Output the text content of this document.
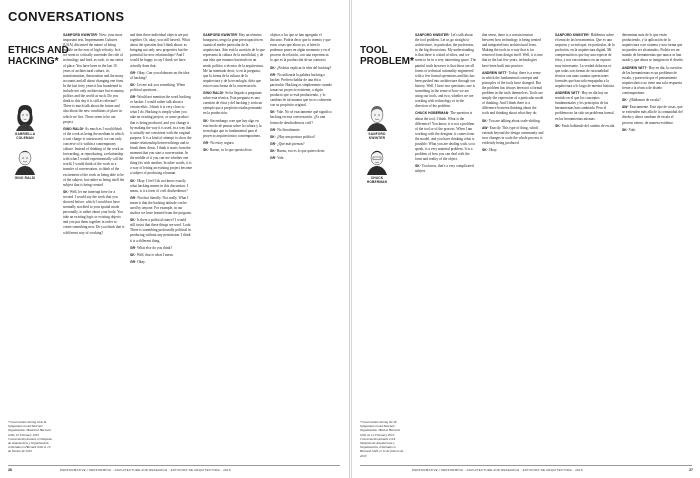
CONVERSATIONS
ETHICS AND
HACKING*
GABRIELLA COLEMAN
GINO RALDI

SAMFORD KWINTER- Now: your most important text, Impermanent Cultures (UAA) discussed the nature of being mobile on the eras of high velocity. In it we seem to critically surrender the role of technology and lead, as such, to our sense of place. You have been in the last 10 years of architectural culture, its transformation, theorization and the many accounts and all about changing one form. In the last forty years it has broadened to include not only architecture but economy, politics and the world as such. Do you think to this day it is still as relevant? There is much talk about the future and also about the new conditions of place in which we live. Those seem to be our project.

GINO RALDI- As much as I would think of the work as being the medium in which a vast charge is constructed, we can only conceive of it within a contemporary culture. Instead of thinking of the work as forwarding, or reproducing, a relationship with what I would experimentally call the world, I would think of the work as a transfer of conversation, to think of the excitement of the work as being able to be of the subject, but rather as being itself the subject that is being created.

SK- Well, let me interrupt here for a second. I would say the work that you showed before, which I would not have normally ascribed to your spatial mode personally, is rather about your body. You take an existing logic or existing objects and you put them together in order to create something new. Do you think that is a different way of working?

and then these individual objects are put together. Or, okay, you still haven't. What about the question that I think about: as bringing not only new properties but the potential for new relationships? And I would be happy to say I think we have actually done that.

GR- Okay. Can you elaborate on the idea of hacking?

SK- Let me ask you something. When political questions...

GR- Would not mention the word hacking or hacker. I would rather talk about a certain ethic. I think it is very close to what I do. Hacking is simply when you take an existing project, or some product that is being produced, and you change it by making the way it is used, in a way that is actually not consistent with the original purpose. It is a kind of attempt to show the innate relationship between things and to break them down. I think it starts from the moment that you start a conversation. In the middle of it you can see whether one thing fits with another. In other words, it is a way of letting an existing project become a subject of producing a human.

SK- Okay. I feel I do not know exactly what hacking means in this discussion. I mean, is it a form of civil disobedience?

GR- Not that literally. Not really. What I mean is that the hacking attitude can be used by anyone. For example, in our studios we have learned from the program.

SK- Is there a political stance? I would still insist that these things are used. Look: There is something profoundly political in producing without any permission. I think it is a different thing.

GR- What else do you think?

SK- Well, that is what I mean.

GR- Okay.

SAMFORD KWINTER- Hay un término bourguesa, tengo la gran preocupación en cuanto al medio particular de la arquitectura. Aún está la cuestión de lo que representa la cultura de la movilidad, y de una idea que estamos haciendo en un modo político o técnico de la arquitectura. Me ha intentado decir, si en la pregunta, que la forma de la cultura de la arquitectura y de la tecnología, diría que esta es una forma de la conversación.

GINO RALDI- Se ha llegado a preguntas sobre esta técnica. Esta pregunta es una cuestión de ética y del hacking y sería un ejemplo que a propósito estaba pensando en la producción.

SK- Sin embargo creo que hay algo en este modo de pensar sobre la cultura y la tecnología que es fundamental para el proyecto arquitectónico contemporáneo.

GR- No estoy seguro.

SK- Bueno, es lo que quería decir.

objetos a los que se han agregado el discurso. Podría decir que lo intento y que estas cosas que ahora yo, si bien lo podemos poner en algún momento y en el proceso de relación, con una experiencia lo que es la producción de un contexto.

SK- ¿Podrías explicar la idea del hacking?

GR- No utilizaría la palabra hacking o hacker. Prefiero hablar de una ética particular. Hacking es simplemente cuando tomas un proyecto existente, o algún producto que se está produciendo, y lo cambias de tal manera que no es coherente con su propósito original.

SK- Vale. No sé exactamente qué significa hacking en esta conversación. ¿Es una forma de desobediencia civil?

GR- No literalmente.

SK- ¿Hay una postura política?

GR- ¿Qué más piensas?

SK- Bueno, eso es lo que quiero decir.

GR- Vale.

*Conversation during Gino R. Symposium on Architecture Organization. Hosted at Harvard GSD, 10 February 2010
Conversación durante el Simposio de Arquitectura y Organización, celebrado en Harvard GSD el 10 de febrero de 2010
26	PERFORMATIVE / PERFORMING · ARCHITECTURE AND RESEARCH · ESTUDIOS DE ARQUITECTURA · 2010
TOOL
PROBLEM*
SANFORD KWINTER
CHUCK HOBERMAN

SANFORD KWINTER- Let's talk about the tool problem. Let us go straight to architecture, in particular, the profession, to the big discussions. My understanding is that there is a kind of ethos, and we seem to be in a very interesting space. The painful truth however is that those are all forms of technical rationality engineered with a few formal operations and this has been pushed into architecture through our history. Well, I have two questions: one is something in the sense of how we are using our tools, and two, whether we are working with technology or in the direction of the problem.

CHUCK HOBERMAN- The question is about the tool, I think. What is the difference? You know, it is not a problem of the tool or of the process. When I am working with the designer, it comes from the model, and you have thinking what is possible. What you are dealing with, so to speak, is a very material problem. It is a problem of how you can deal with the form and reality of the object.

SK- You know, that's a very complicated subject.

that sense, there is a certain tension between how technology is being treated and integrated into architectural form. Making the tools in a way that is far removed from design itself. Well, it is true that in the last few years, technologies have been built into practice.

ANDREW WITT- Today, there is a sense in which the fundamental concepts and principles of the tools have changed. But the problem has always been not a formal problem in the tools themselves. Tools are simply the expression of a particular mode of thinking. And I think there is a difference between thinking about the tools and thinking about what they do.

SK- You are talking about scale-shifting.

AW- Exactly. This type of thing, which extends beyond the design community and now changes in scale the whole process is evidently being produced.

SK- Okay.

SANFORD KWINTER- Hablemos sobre el tema de las herramientas. Que es una sorpresa y su enfoque, en particular, de la profesión, en la arquitectura digital. Mi comprensión es que hay una especie de ética, y nos encontramos en un espacio muy interesante. La verdad dolorosa es que todas son formas de racionalidad técnica con unas cuantas operaciones formales que han sido empujadas a la arquitectura a lo largo de nuestra historia.

ANDREW WITT- Hoy en día hay un sentido en el que los conceptos fundamentales y los principios de las herramientas han cambiado. Pero el problema no ha sido un problema formal en las herramientas mismas.

SK- Estás hablando del cambio de escala.

determinar más de lo que están produciendo, y la aplicación de la arquitectura a un sistema y una forma que no pueden ser alcanzados. Podría ser un mundo de herramientas que nunca se han usado y que ahora se integran en el diseño.

ANDREW WITT- Hoy en día, la cuestión de las herramientas es un problema de escala, y parecería que el pensamiento arquitectónico no tiene una sola respuesta frente a la técnica de diseño contemporánea.

SK- ¿Hablamos de escala?

AW- Exactamente. Este tipo de cosas, que se extienden más allá de la comunidad del diseño y ahora cambian de escala el proceso entero, de manera evidente.

SK- Vale.

*Conversation during the IX Symposium on Architecture Organization. Held at Harvard GSD on 12 February 2010
Conversación durante el IX Simposio de Arquitectura y Organización, celebrado en Harvard GSD, el 12 de febrero de 2010
PERFORMATIVE / PERFORMING · ARCHITECTURE AND RESEARCH · ESTUDIOS DE ARQUITECTURA · 2010	27
